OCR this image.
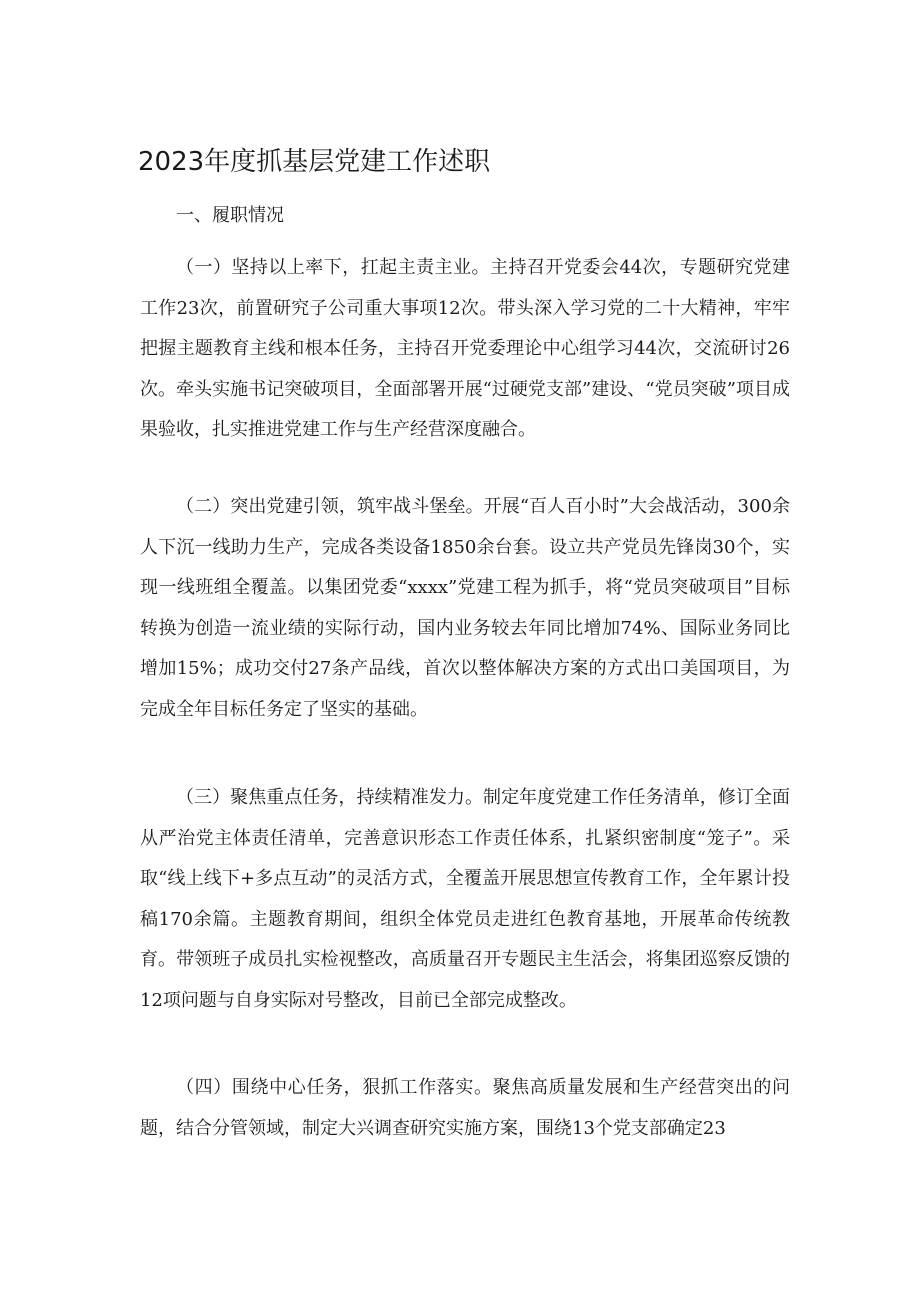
2023年度抓基层党建工作述职

一、履职情况

（一）坚持以上率下，扛起主责主业。主持召开党委会44次，专题研究党建工作23次，前置研究子公司重大事项12次。带头深入学习党的二十大精神，牢牢把握主题教育主线和根本任务，主持召开党委理论中心组学习44次，交流研讨26次。牵头实施书记突破项目，全面部署开展“过硬党支部”建设、“党员突破”项目成果验收，扎实推进党建工作与生产经营深度融合。

（二）突出党建引领，筑牢战斗堡垒。开展“百人百小时”大会战活动，300余人下沉一线助力生产，完成各类设备1850余台套。设立共产党员先锋岗30个，实现一线班组全覆盖。以集团党委“xxxx”党建工程为抓手，将“党员突破项目”目标转换为创造一流业绩的实际行动，国内业务较去年同比增加74%、国际业务同比增加15%；成功交付27条产品线，首次以整体解决方案的方式出口美国项目，为完成全年目标任务定了坚实的基础。

（三）聚焦重点任务，持续精准发力。制定年度党建工作任务清单，修订全面从严治党主体责任清单，完善意识形态工作责任体系，扎紧织密制度“笼子”。采取“线上线下+多点互动”的灵活方式，全覆盖开展思想宣传教育工作，全年累计投稿170余篇。主题教育期间，组织全体党员走进红色教育基地，开展革命传统教育。带领班子成员扎实检视整改，高质量召开专题民主生活会，将集团巡察反馈的12项问题与自身实际对号整改，目前已全部完成整改。

（四）围绕中心任务，狠抓工作落实。聚焦高质量发展和生产经营突出的问题，结合分管领域，制定大兴调查研究实施方案，围绕13个党支部确定23
